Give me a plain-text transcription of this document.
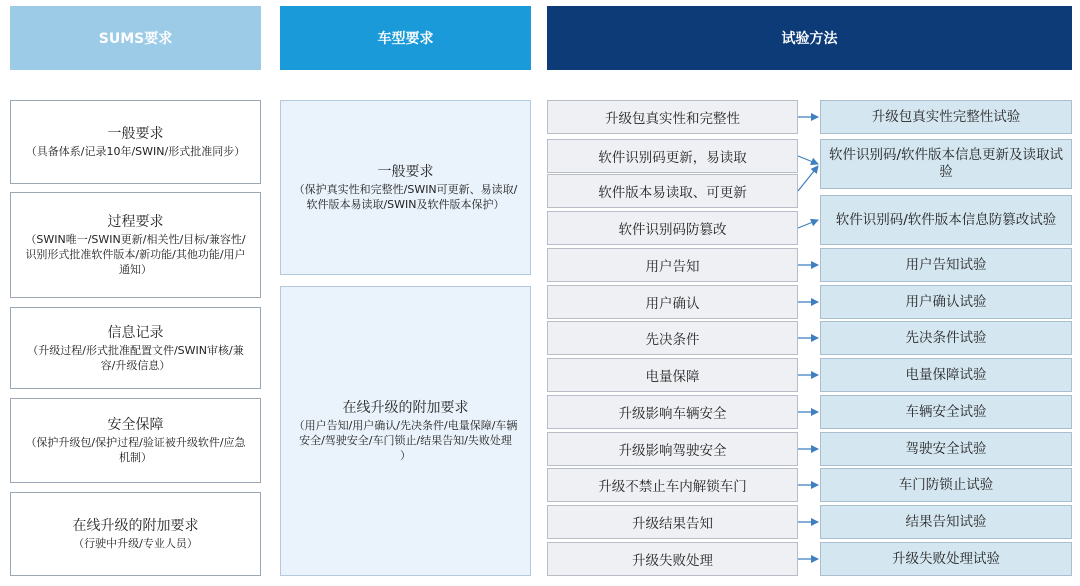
SUMS要求	车型要求	试验方法
一般要求
（具备体系/记录10年/SWIN/形式批准同步）
过程要求
（SWIN唯一/SWIN更新/相关性/目标/兼容性/识别形式批准软件版本/新功能/其他功能/用户通知）
信息记录
（升级过程/形式批准配置文件/SWIN审核/兼容/升级信息）
安全保障
（保护升级包/保护过程/验证被升级软件/应急机制）
在线升级的附加要求
（行驶中升级/专业人员）
一般要求
（保护真实性和完整性/SWIN可更新、易读取/软件版本易读取/SWIN及软件版本保护）
在线升级的附加要求
（用户告知/用户确认/先决条件/电量保障/车辆安全/驾驶安全/车门锁止/结果告知/失败处理
）
升级包真实性和完整性
软件识别码更新，易读取
软件版本易读取、可更新
软件识别码防篡改
用户告知
用户确认
先决条件
电量保障
升级影响车辆安全
升级影响驾驶安全
升级不禁止车内解锁车门
升级结果告知
升级失败处理
升级包真实性完整性试验
软件识别码/软件版本信息更新及读取试验
软件识别码/软件版本信息防篡改试验
用户告知试验
用户确认试验
先决条件试验
电量保障试验
车辆安全试验
驾驶安全试验
车门防锁止试验
结果告知试验
升级失败处理试验
